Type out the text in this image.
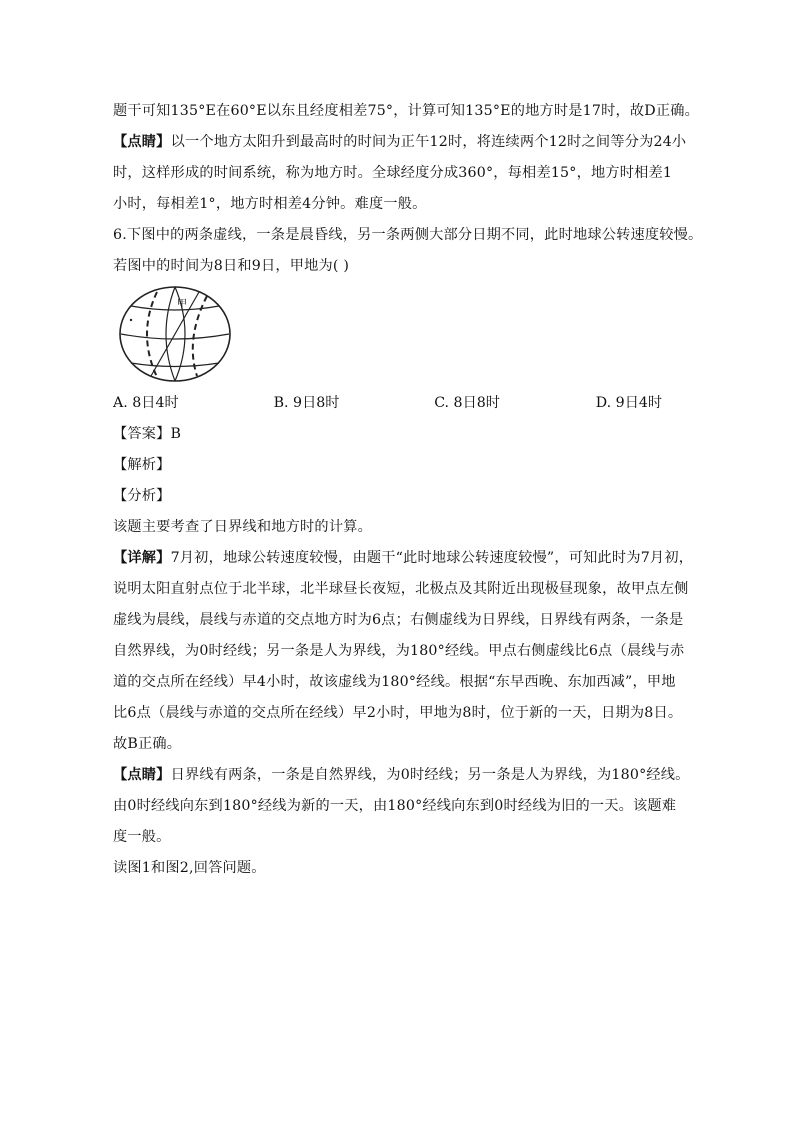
题干可知135°E在60°E以东且经度相差75°，计算可知135°E的地方时是17时，故D正确。
【点睛】以一个地方太阳升到最高时的时间为正午12时，将连续两个12时之间等分为24小
时，这样形成的时间系统，称为地方时。全球经度分成360°，每相差15°，地方时相差1
小时，每相差1°，地方时相差4分钟。难度一般。
6.下图中的两条虚线，一条是晨昏线，另一条两侧大部分日期不同，此时地球公转速度较慢。
若图中的时间为8日和9日，甲地为( )
甲
A. 8日4时	B. 9日8时	C. 8日8时	D. 9日4时
【答案】B
【解析】
【分析】
该题主要考查了日界线和地方时的计算。
【详解】7月初，地球公转速度较慢，由题干“此时地球公转速度较慢”，可知此时为7月初，
说明太阳直射点位于北半球，北半球昼长夜短，北极点及其附近出现极昼现象，故甲点左侧
虚线为晨线，晨线与赤道的交点地方时为6点；右侧虚线为日界线，日界线有两条，一条是
自然界线，为0时经线；另一条是人为界线，为180°经线。甲点右侧虚线比6点（晨线与赤
道的交点所在经线）早4小时，故该虚线为180°经线。根据“东早西晚、东加西减”，甲地
比6点（晨线与赤道的交点所在经线）早2小时，甲地为8时，位于新的一天，日期为8日。
故B正确。
【点睛】日界线有两条，一条是自然界线，为0时经线；另一条是人为界线，为180°经线。
由0时经线向东到180°经线为新的一天，由180°经线向东到0时经线为旧的一天。该题难
度一般。
读图1和图2,回答问题。
